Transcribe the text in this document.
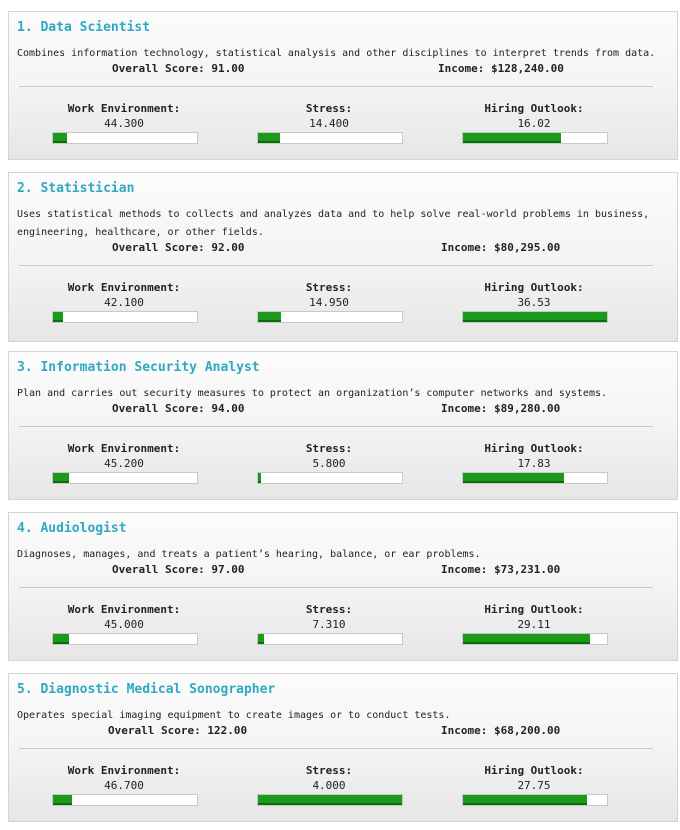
1. Data Scientist
Combines information technology, statistical analysis and other disciplines to interpret trends from data.
Overall Score: 91.00	Income: $128,240.00
Work Environment:
44.300
Stress:
14.400
Hiring Outlook:
16.02
2. Statistician
Uses statistical methods to collects and analyzes data and to help solve real-world problems in business, engineering, healthcare, or other fields.
Overall Score: 92.00	Income: $80,295.00
Work Environment:
42.100
Stress:
14.950
Hiring Outlook:
36.53
3. Information Security Analyst
Plan and carries out security measures to protect an organization’s computer networks and systems.
Overall Score: 94.00	Income: $89,280.00
Work Environment:
45.200
Stress:
5.800
Hiring Outlook:
17.83
4. Audiologist
Diagnoses, manages, and treats a patient’s hearing, balance, or ear problems.
Overall Score: 97.00	Income: $73,231.00
Work Environment:
45.000
Stress:
7.310
Hiring Outlook:
29.11
5. Diagnostic Medical Sonographer
Operates special imaging equipment to create images or to conduct tests.
Overall Score: 122.00	Income: $68,200.00
Work Environment:
46.700
Stress:
4.000
Hiring Outlook:
27.75
